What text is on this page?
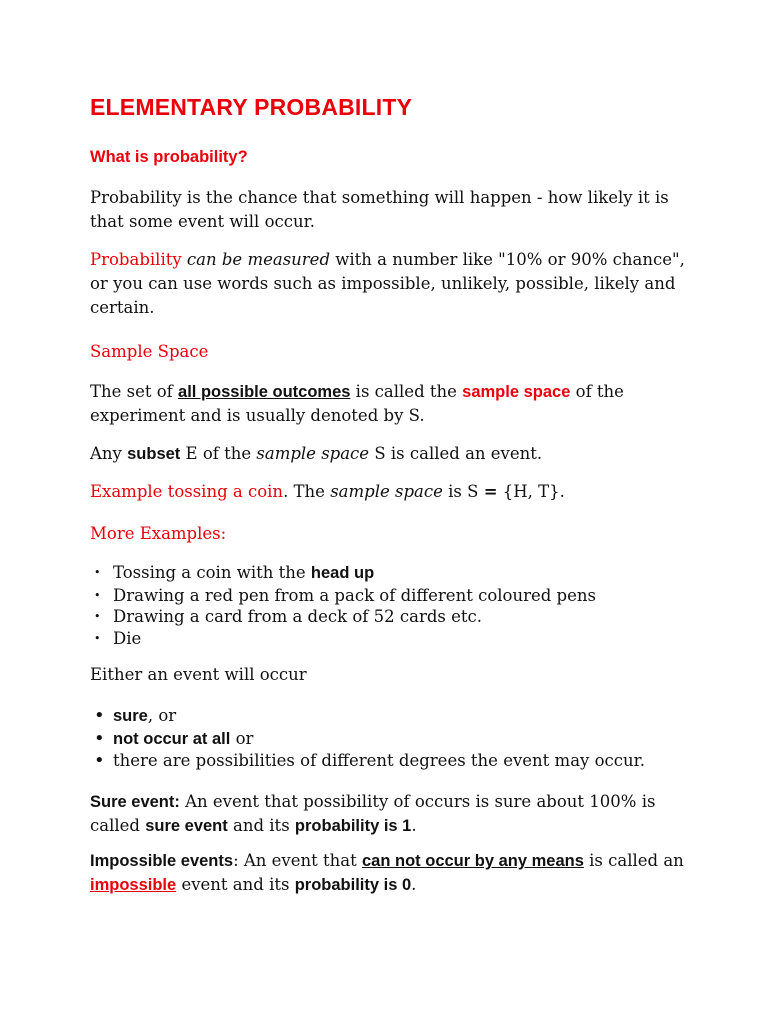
ELEMENTARY PROBABILITY
What is probability?

Probability is the chance that something will happen - how likely it is that some event will occur.

Probability can be measured with a number like "10% or 90% chance", or you can use words such as impossible, unlikely, possible, likely and certain.

Sample Space

The set of all possible outcomes is called the sample space of the experiment and is usually denoted by S.

Any subset E of the sample space S is called an event.

Example tossing a coin. The sample space is S = {H, T}.

More Examples:

• Tossing a coin with the head up
• Drawing a red pen from a pack of different coloured pens
• Drawing a card from a deck of 52 cards etc.
• Die

Either an event will occur

• sure, or
• not occur at all or
• there are possibilities of different degrees the event may occur.

Sure event: An event that possibility of occurs is sure about 100% is called sure event and its probability is 1.

Impossible events: An event that can not occur by any means is called an impossible event and its probability is 0.
